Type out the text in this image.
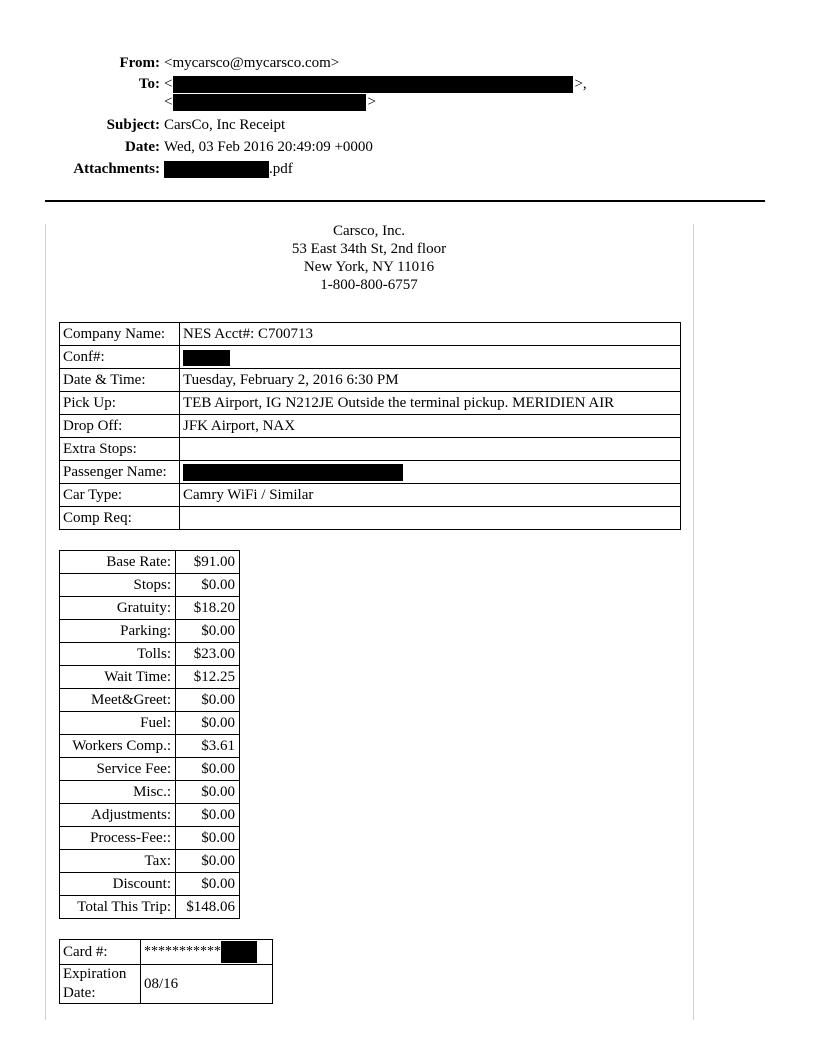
From: <mycarsco@mycarsco.com>
To: <	>,
<	>
Subject: CarsCo, Inc Receipt
Date: Wed, 03 Feb 2016 20:49:09 +0000
Attachments:	.pdf
Carsco, Inc.
53 East 34th St, 2nd floor
New York, NY 11016
1-800-800-6757
Company Name:	NES Acct#: C700713
Conf#:	
Date & Time:	Tuesday, February 2, 2016 6:30 PM
Pick Up:	TEB Airport, IG N212JE Outside the terminal pickup. MERIDIEN AIR
Drop Off:	JFK Airport, NAX
Extra Stops:	
Passenger Name:	
Car Type:	Camry WiFi / Similar
Comp Req:	
Base Rate:	$91.00
Stops:	$0.00
Gratuity:	$18.20
Parking:	$0.00
Tolls:	$23.00
Wait Time:	$12.25
Meet&Greet:	$0.00
Fuel:	$0.00
Workers Comp.:	$3.61
Service Fee:	$0.00
Misc.:	$0.00
Adjustments:	$0.00
Process-Fee::	$0.00
Tax:	$0.00
Discount:	$0.00
Total This Trip:	$148.06
Card #:	***********
Expiration Date:	08/16
